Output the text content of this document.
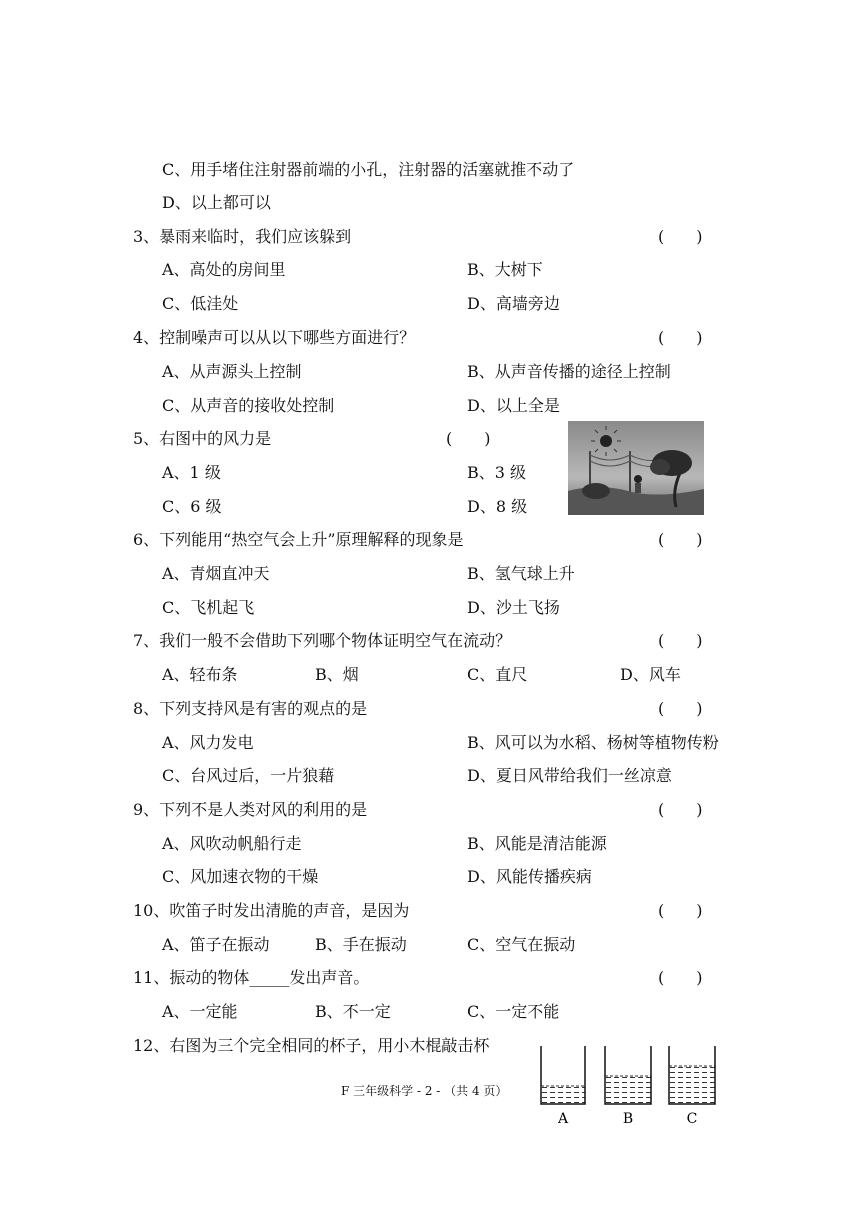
C、用手堵住注射器前端的小孔，注射器的活塞就推不动了
D、以上都可以
3、暴雨来临时，我们应该躲到
A、高处的房间里	B、大树下
C、低洼处	D、高墙旁边
4、控制噪声可以从以下哪些方面进行？
A、从声源头上控制	B、从声音传播的途径上控制
C、从声音的接收处控制	D、以上全是
5、右图中的风力是
A、1 级	B、3 级
C、6 级	D、8 级
6、下列能用“热空气会上升”原理解释的现象是
A、青烟直冲天	B、氢气球上升
C、飞机起飞	D、沙土飞扬
7、我们一般不会借助下列哪个物体证明空气在流动？
A、轻布条	B、烟	C、直尺	D、风车
8、下列支持风是有害的观点的是
A、风力发电	B、风可以为水稻、杨树等植物传粉
C、台风过后，一片狼藉	D、夏日风带给我们一丝凉意
9、下列不是人类对风的利用的是
A、风吹动帆船行走	B、风能是清洁能源
C、风加速衣物的干燥	D、风能传播疾病
10、吹笛子时发出清脆的声音，是因为
A、笛子在振动	B、手在振动	C、空气在振动
11、振动的物体_____发出声音。
A、一定能	B、不一定	C、一定不能
12、右图为三个完全相同的杯子，用小木棍敲击杯
(　　)
(　　)
(　　)
(　　)
(　　)
(　　)
(　　)
(　　)
(　　)
A	B	C
F 三年级科学 - 2 - （共 4 页）
